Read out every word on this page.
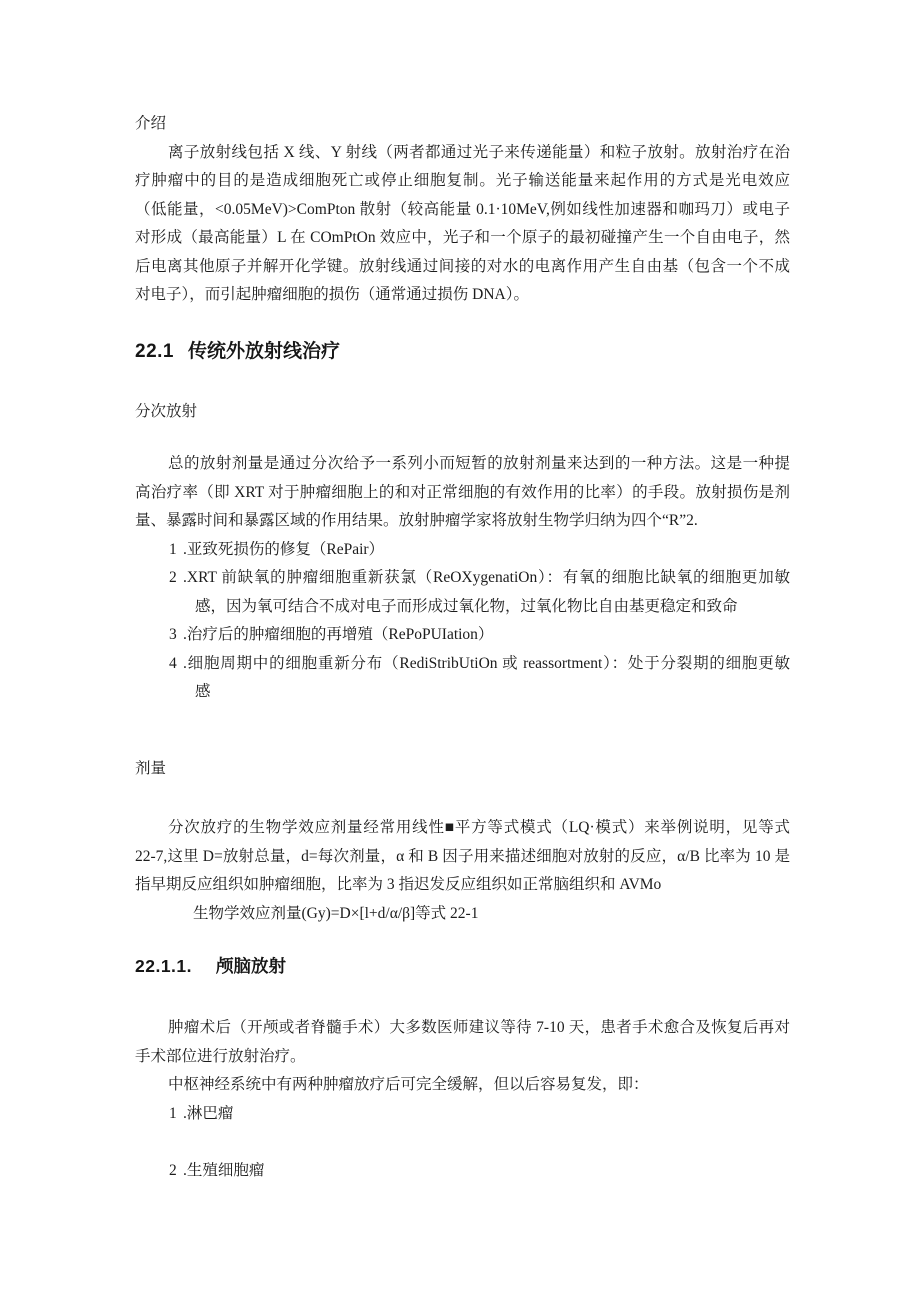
介绍
离子放射线包括 X 线、Y 射线（两者都通过光子来传递能量）和粒子放射。放射治疗在治
疗肿瘤中的目的是造成细胞死亡或停止细胞复制。光子输送能量来起作用的方式是光电效应
（低能量，<0.05MeV)>ComPton 散射（较高能量 0.1·10MeV,例如线性加速器和咖玛刀）或电子
对形成（最高能量）L 在 COmPtOn 效应中，光子和一个原子的最初碰撞产生一个自由电子，然
后电离其他原子并解开化学键。放射线通过间接的对水的电离作用产生自由基（包含一个不成
对电子），而引起肿瘤细胞的损伤（通常通过损伤 DNA）。
22.1 传统外放射线治疗
分次放射
总的放射剂量是通过分次给予一系列小而短暂的放射剂量来达到的一种方法。这是一种提
高治疗率（即 XRT 对于肿瘤细胞上的和对正常细胞的有效作用的比率）的手段。放射损伤是剂
量、暴露时间和暴露区域的作用结果。放射肿瘤学家将放射生物学归纳为四个“R”2.
1 .亚致死损伤的修复（RePair）
2 .XRT 前缺氧的肿瘤细胞重新获氯（ReOXygenatiOn）：有氧的细胞比缺氧的细胞更加敏
感，因为氧可结合不成对电子而形成过氧化物，过氧化物比自由基更稳定和致命
3 .治疗后的肿瘤细胞的再增殖（RePoPUIation）
4 .细胞周期中的细胞重新分布（RediStribUtiOn 或 reassortment）：处于分裂期的细胞更敏
感
剂量
分次放疗的生物学效应剂量经常用线性■平方等式模式（LQ·模式）来举例说明，见等式
22-7,这里 D=放射总量，d=每次剂量，α 和 B 因子用来描述细胞对放射的反应，α/B 比率为 10 是
指早期反应组织如肿瘤细胞，比率为 3 指迟发反应组织如正常脑组织和 AVMo
生物学效应剂量(Gy)=D×[l+d/α/β]等式 22-1
22.1.1. 颅脑放射
肿瘤术后（开颅或者脊髓手术）大多数医师建议等待 7-10 天，患者手术愈合及恢复后再对
手术部位进行放射治疗。
中枢神经系统中有两种肿瘤放疗后可完全缓解，但以后容易复发，即：
1 .淋巴瘤
2 .生殖细胞瘤
